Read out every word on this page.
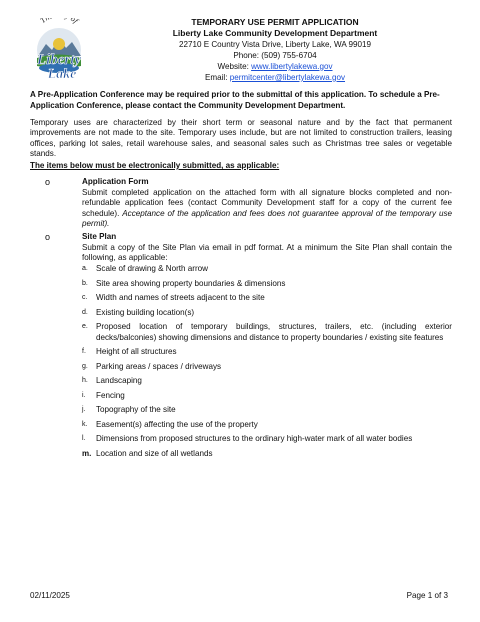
T of
Liberty
Lake
TEMPORARY USE PERMIT APPLICATION
Liberty Lake Community Development Department
22710 E Country Vista Drive, Liberty Lake, WA 99019
Phone: (509) 755-6704
Website: www.libertylakewa.gov
Email: permitcenter@libertylakewa.gov
A Pre-Application Conference may be required prior to the submittal of this application. To schedule a Pre-Application Conference, please contact the Community Development Department.
Temporary uses are characterized by their short term or seasonal nature and by the fact that permanent improvements are not made to the site. Temporary uses include, but are not limited to construction trailers, leasing offices, parking lot sales, retail warehouse sales, and seasonal sales such as Christmas tree sales or vegetable stands.
The items below must be electronically submitted, as applicable:
o	Application Form
Submit completed application on the attached form with all signature blocks completed and non-refundable application fees (contact Community Development staff for a copy of the current fee schedule). Acceptance of the application and fees does not guarantee approval of the temporary use permit).
o	Site Plan
Submit a copy of the Site Plan via email in pdf format. At a minimum the Site Plan shall contain the following, as applicable:
a. Scale of drawing & North arrow
b. Site area showing property boundaries & dimensions
c. Width and names of streets adjacent to the site
d. Existing building location(s)
e. Proposed location of temporary buildings, structures, trailers, etc. (including exterior decks/balconies) showing dimensions and distance to property boundaries / existing site features
f. Height of all structures
g. Parking areas / spaces / driveways
h. Landscaping
i. Fencing
j. Topography of the site
k. Easement(s) affecting the use of the property
l. Dimensions from proposed structures to the ordinary high-water mark of all water bodies
m. Location and size of all wetlands
02/11/2025	Page 1 of 3
